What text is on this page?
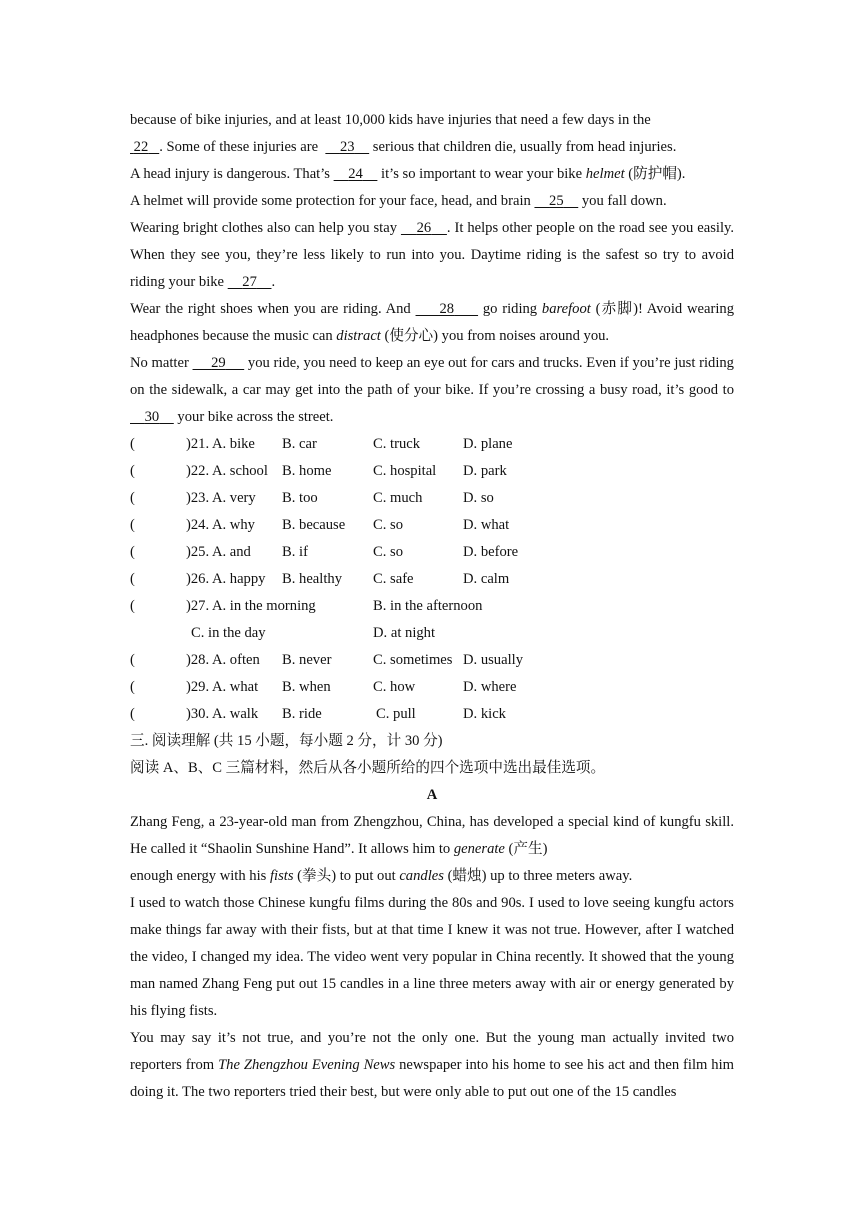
because of bike injuries, and at least 10,000 kids have injuries that need a few days in the
22 . Some of these injuries are      23     serious that children die, usually from head injuries.

A head injury is dangerous. That’s     24     it’s so important to wear your bike helmet (防护帽).

A helmet will provide some protection for your face, head, and brain     25     you fall down.

Wearing bright clothes also can help you stay     26 . It helps other people on the road see you easily. When they see you, they’re less likely to run into you. Daytime riding is the safest so try to avoid riding your bike     27 .

Wear the right shoes when you are riding. And      28      go riding barefoot (赤脚)! Avoid wearing headphones because the music can distract (使分心) you from noises around you.

No matter      29      you ride, you need to keep an eye out for cars and trucks. Even if you’re just riding on the sidewalk, a car may get into the path of your bike. If you’re crossing a busy road, it’s good to     30     your bike across the street.

(	)21. A. bike B. car	C. truck	D. plane
(	)22. A. school B. home	C. hospital D. park
(	)23. A. very B. too	C. much	D. so
(	)24. A. why B. because C. so	D. what
(	)25. A. and B. if	C. so	D. before
(	)26. A. happy B. healthy C. safe	D. calm
(	)27. A. in the morning	B. in the afternoon
C. in the day	D. at night
(	)28. A. often B. never	C. sometimes D. usually
(	)29. A. what B. when	C. how	D. where
(	)30. A. walk B. ride	C. pull	D. kick
三. 阅读理解 (共 15 小题，每小题 2 分，计 30 分)
阅读 A、B、C 三篇材料，然后从各小题所给的四个选项中选出最佳选项。
A

Zhang Feng, a 23-year-old man from Zhengzhou, China, has developed a special kind of kungfu skill. He called it “Shaolin Sunshine Hand”. It allows him to generate (产生)

enough energy with his fists (拳头) to put out candles (蜡烛) up to three meters away.

I used to watch those Chinese kungfu films during the 80s and 90s. I used to love seeing kungfu actors make things far away with their fists, but at that time I knew it was not true. However, after I watched the video, I changed my idea. The video went very popular in China recently. It showed that the young man named Zhang Feng put out 15 candles in a line three meters away with air or energy generated by his flying fists.

You may say it’s not true, and you’re not the only one. But the young man actually invited two reporters from The Zhengzhou Evening News newspaper into his home to see his act and then film him doing it. The two reporters tried their best, but were only able to put out one of the 15 candles
